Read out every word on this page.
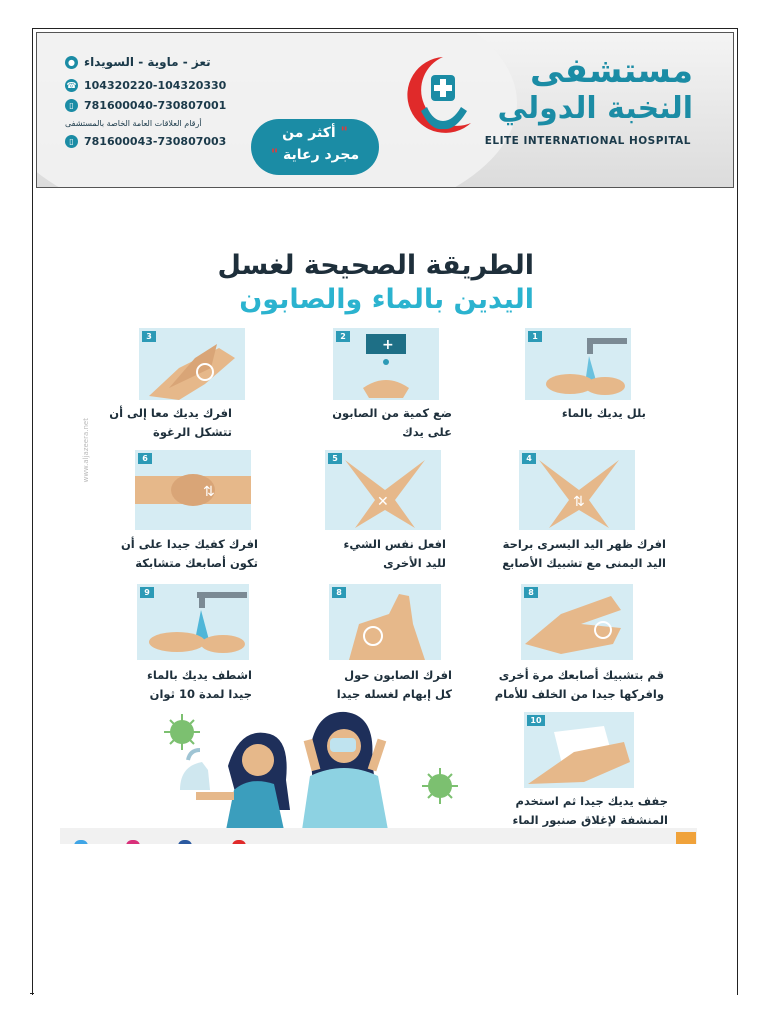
تعز - ماوية - السويداء
●
☎ 104320220-104320330
▯ 781600040-730807001
أرقام العلاقات العامة الخاصة بالمستشفى
▯ 781600043-730807003
" أكثر من
مجرد رعاية "
مستشفى
النخبة الدولي
ELITE INTERNATIONAL HOSPITAL
الطريقة الصحيحة لغسل
اليدين بالماء والصابون
www.aljazeera.net
1
2
+
3
بلل يديك بالماء
ضع كمية من الصابون
على يدك
افرك يديك معا إلى أن
تتشكل الرغوة
4
⇅
5
✕
6
⇅
افرك ظهر اليد اليسرى براحة
اليد اليمنى مع تشبيك الأصابع
افعل نفس الشيء
لليد الأخرى
افرك كفيك جيدا على أن
تكون أصابعك متشابكة
8
8
9
قم بتشبيك أصابعك مرة أخرى
وافركها جيدا من الخلف للأمام
افرك الصابون حول
كل إبهام لغسله جيدا
اشطف يديك بالماء
جيدا لمدة 10 ثوان
10
جفف يديك جيدا ثم استخدم
المنشفة لإغلاق صنبور الماء
